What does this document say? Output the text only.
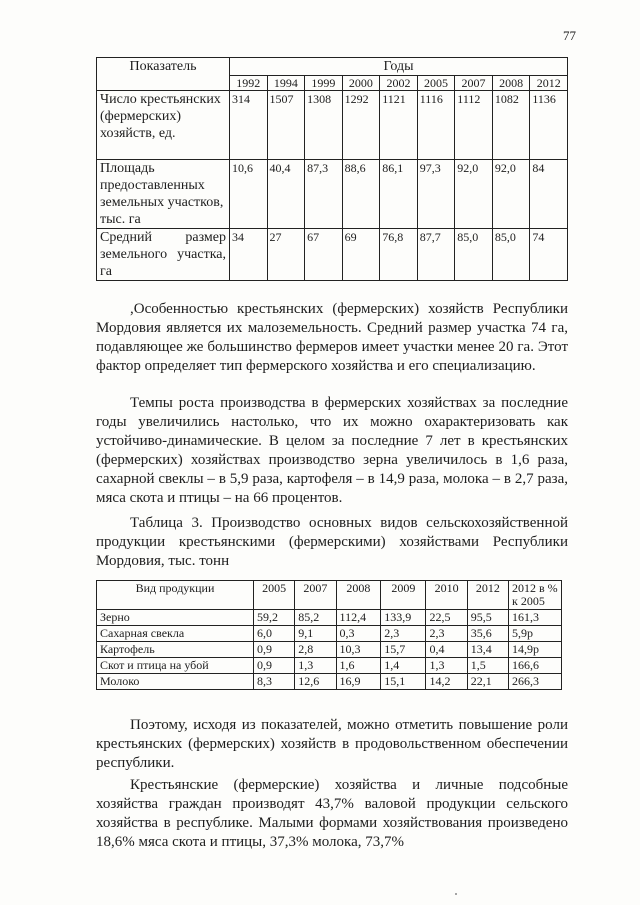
77
Показатель	Годы								
	1992	1994	1999	2000	2002	2005	2007	2008	2012
Число крестьянских (фермерских) хозяйств, ед.	314	1507	1308	1292	1121	1116	1112	1082	1136
Площадь предоставленных земельных участков, тыс. га	10,6	40,4	87,3	88,6	86,1	97,3	92,0	92,0	84
Средний размер земельного участка, га	34	27	67	69	76,8	87,7	85,0	85,0	74
,Особенностью крестьянских (фермерских) хозяйств Республики Мордовия является их малоземельность. Средний размер участка 74 га, подавляющее же большинство фермеров имеет участки менее 20 га. Этот фактор определяет тип фермерского хозяйства и его специализацию.
Темпы роста производства в фермерских хозяйствах за последние годы увеличились настолько, что их можно охарактеризовать как устойчиво-динамические. В целом за последние 7 лет в крестьянских (фермерских) хозяйствах производство зерна увеличилось в 1,6 раза, сахарной свеклы – в 5,9 раза, картофеля – в 14,9 раза, молока – в 2,7 раза, мяса скота и птицы – на 66 процентов.
Таблица 3. Производство основных видов сельскохозяйственной продукции крестьянскими (фермерскими) хозяйствами Республики Мордовия, тыс. тонн
Вид продукции	2005	2007	2008	2009	2010	2012	2012 в % к 2005
Зерно	59,2	85,2	112,4	133,9	22,5	95,5	161,3
Сахарная свекла	6,0	9,1	0,3	2,3	2,3	35,6	5,9р
Картофель	0,9	2,8	10,3	15,7	0,4	13,4	14,9р
Скот и птица на убой	0,9	1,3	1,6	1,4	1,3	1,5	166,6
Молоко	8,3	12,6	16,9	15,1	14,2	22,1	266,3
Поэтому, исходя из показателей, можно отметить повышение роли крестьянских (фермерских) хозяйств в продовольственном обеспечении республики.
Крестьянские (фермерские) хозяйства и личные подсобные хозяйства граждан производят 43,7% валовой продукции сельского хозяйства в республике. Малыми формами хозяйствования произведено 18,6% мяса скота и птицы, 37,3% молока, 73,7%
